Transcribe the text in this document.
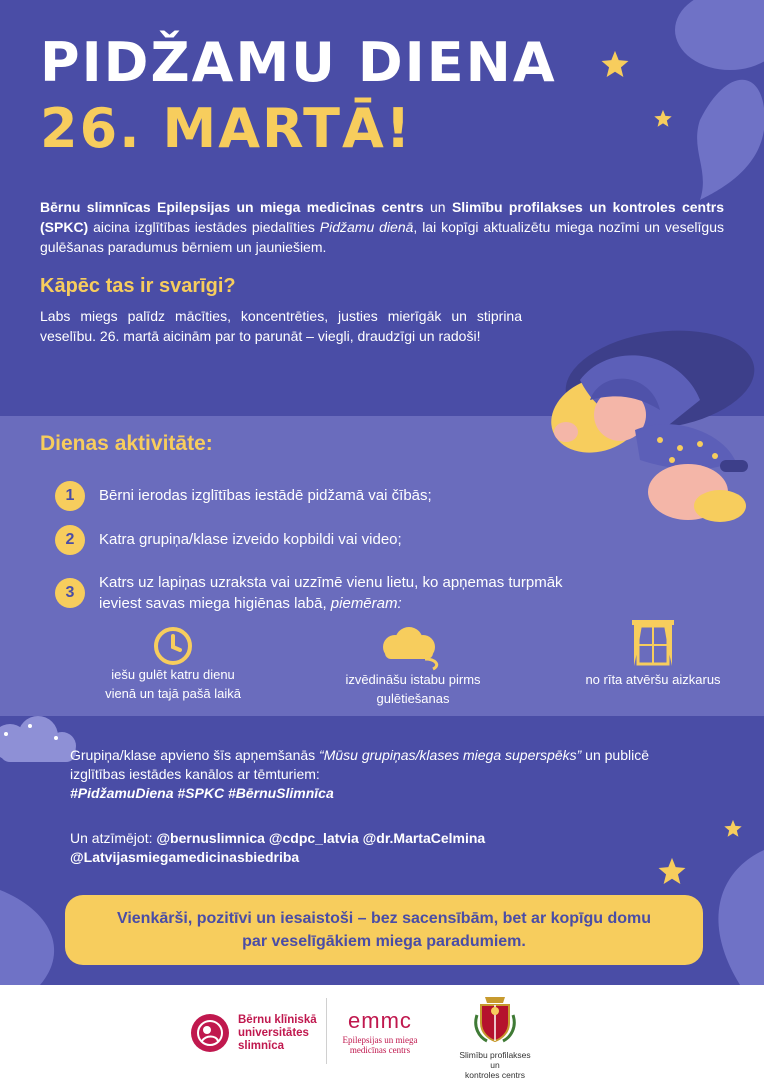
PIDŽAMU DIENA
26. MARTĀ!
Bērnu slimnīcas Epilepsijas un miega medicīnas centrs un Slimību profilakses un kontroles centrs (SPKC) aicina izglītības iestādes piedalīties Pidžamu dienā, lai kopīgi aktualizētu miega nozīmi un veselīgus gulēšanas paradumus bērniem un jauniešiem.
Kāpēc tas ir svarīgi?
Labs miegs palīdz mācīties, koncentrēties, justies mierīgāk un stiprina veselību. 26. martā aicinām par to parunāt – viegli, draudzīgi un radoši!
Dienas aktivitāte:
1	Bērni ierodas izglītības iestādē pidžamā vai čībās;
2	Katra grupiņa/klase izveido kopbildi vai video;
3
Katrs uz lapiņas uzraksta vai uzzīmē vienu lietu, ko apņemas turpmāk ieviest savas miega higiēnas labā, piemēram:
iešu gulēt katru dienu vienā un tajā pašā laikā
izvēdināšu istabu pirms gulētiešanas
no rīta atvēršu aizkarus
Grupiņa/klase apvieno šīs apņemšanās “Mūsu grupiņas/klases miega superspēks” un publicē izglītības iestādes kanālos ar tēmturiem:
#PidžamuDiena #SPKC #BērnuSlimnīca
Un atzīmējot: @bernuslimnica @cdpc_latvia @dr.MartaCelmina @Latvijasmiegamedicinasbiedriba
Vienkārši, pozitīvi un iesaistoši – bez sacensībām, bet ar kopīgu domu par veselīgākiem miega paradumiem.
Bērnu klīniskā
universitātes
slimnīca
emmc
Epilepsijas un miega
medicīnas centrs	Slimību profilakses un
kontroles centrs
